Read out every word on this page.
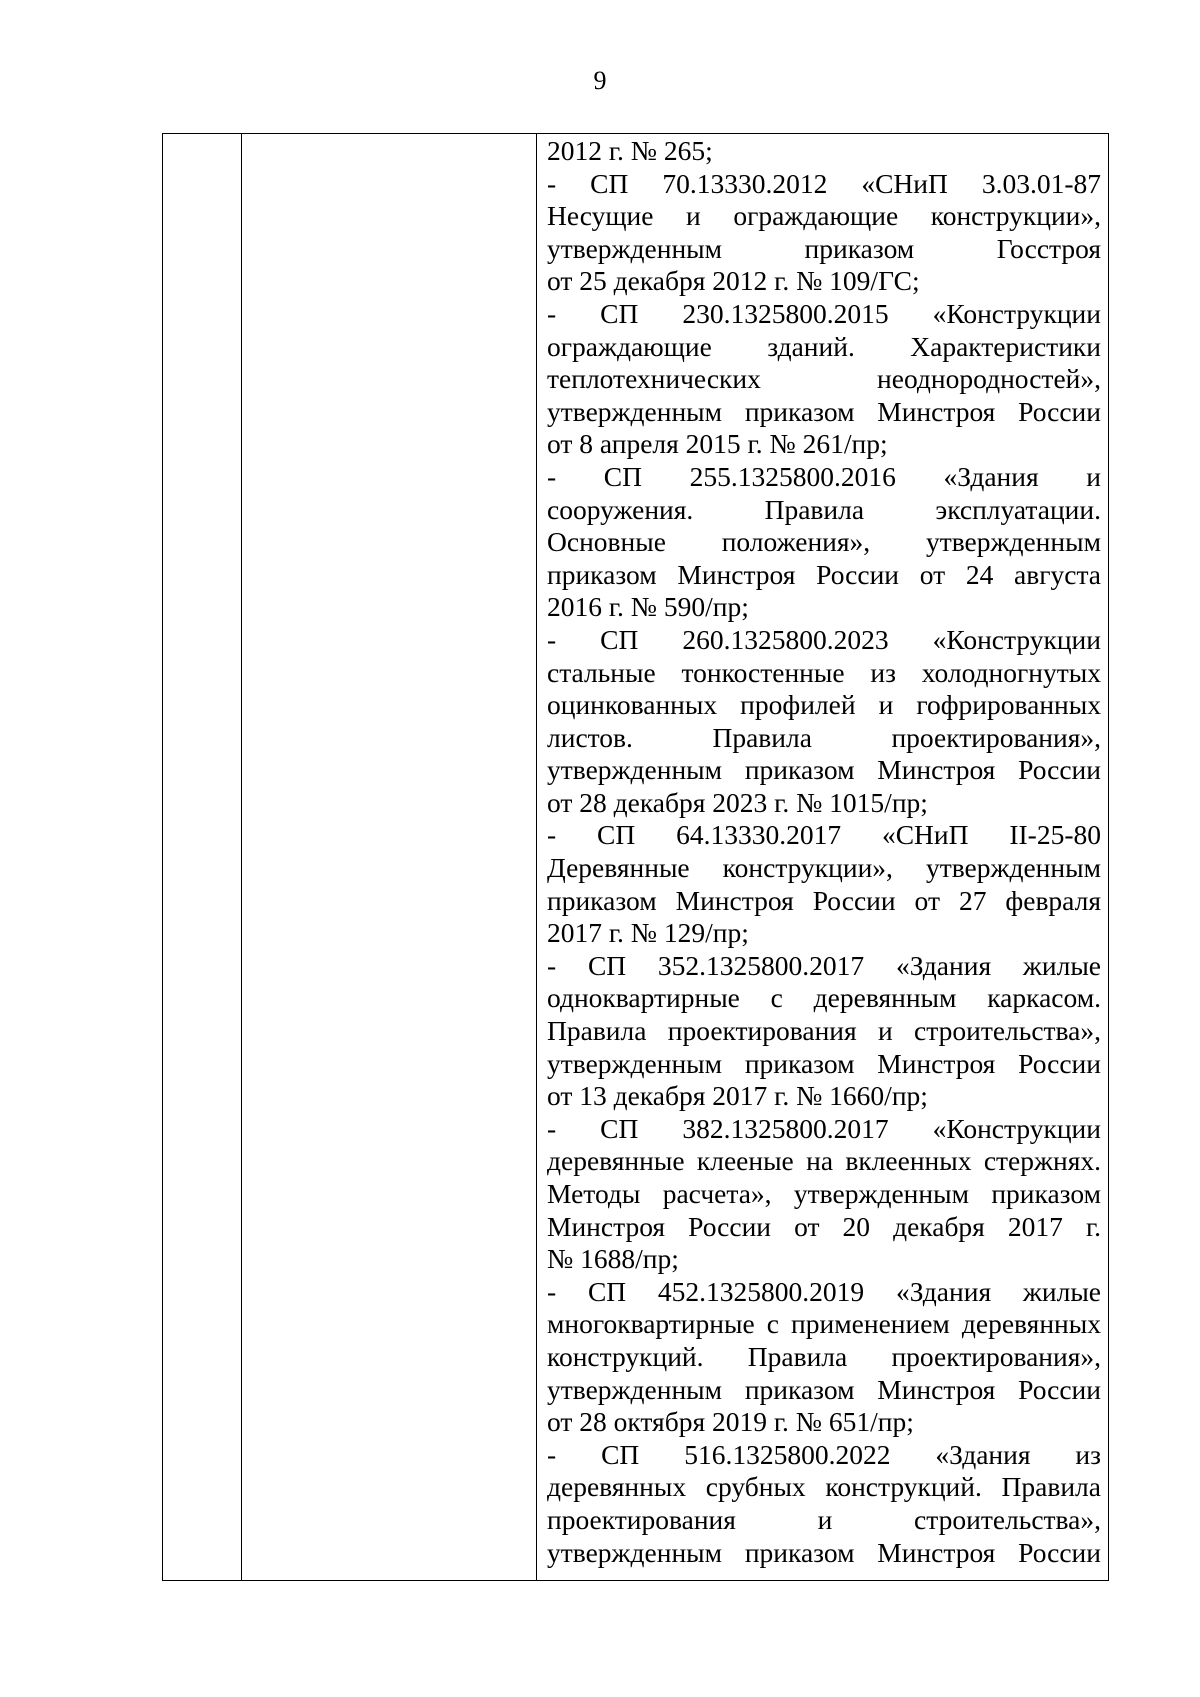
9
2012 г. № 265;
- СП 70.13330.2012 «СНиП 3.03.01-87
Несущие и ограждающие конструкции»,
утвержденным приказом Госстроя
от 25 декабря 2012 г. № 109/ГС;
- СП 230.1325800.2015 «Конструкции
ограждающие зданий. Характеристики
теплотехнических неоднородностей»,
утвержденным приказом Минстроя России
от 8 апреля 2015 г. № 261/пр;
- СП 255.1325800.2016 «Здания и
сооружения. Правила эксплуатации.
Основные положения», утвержденным
приказом Минстроя России от 24 августа
2016 г. № 590/пр;
- СП 260.1325800.2023 «Конструкции
стальные тонкостенные из холодногнутых
оцинкованных профилей и гофрированных
листов. Правила проектирования»,
утвержденным приказом Минстроя России
от 28 декабря 2023 г. № 1015/пр;
- СП 64.13330.2017 «СНиП II-25-80
Деревянные конструкции», утвержденным
приказом Минстроя России от 27 февраля
2017 г. № 129/пр;
- СП 352.1325800.2017 «Здания жилые
одноквартирные с деревянным каркасом.
Правила проектирования и строительства»,
утвержденным приказом Минстроя России
от 13 декабря 2017 г. № 1660/пр;
- СП 382.1325800.2017 «Конструкции
деревянные клееные на вклеенных стержнях.
Методы расчета», утвержденным приказом
Минстроя России от 20 декабря 2017 г.
№ 1688/пр;
- СП 452.1325800.2019 «Здания жилые
многоквартирные с применением деревянных
конструкций. Правила проектирования»,
утвержденным приказом Минстроя России
от 28 октября 2019 г. № 651/пр;
- СП 516.1325800.2022 «Здания из
деревянных срубных конструкций. Правила
проектирования и строительства»,
утвержденным приказом Минстроя России
